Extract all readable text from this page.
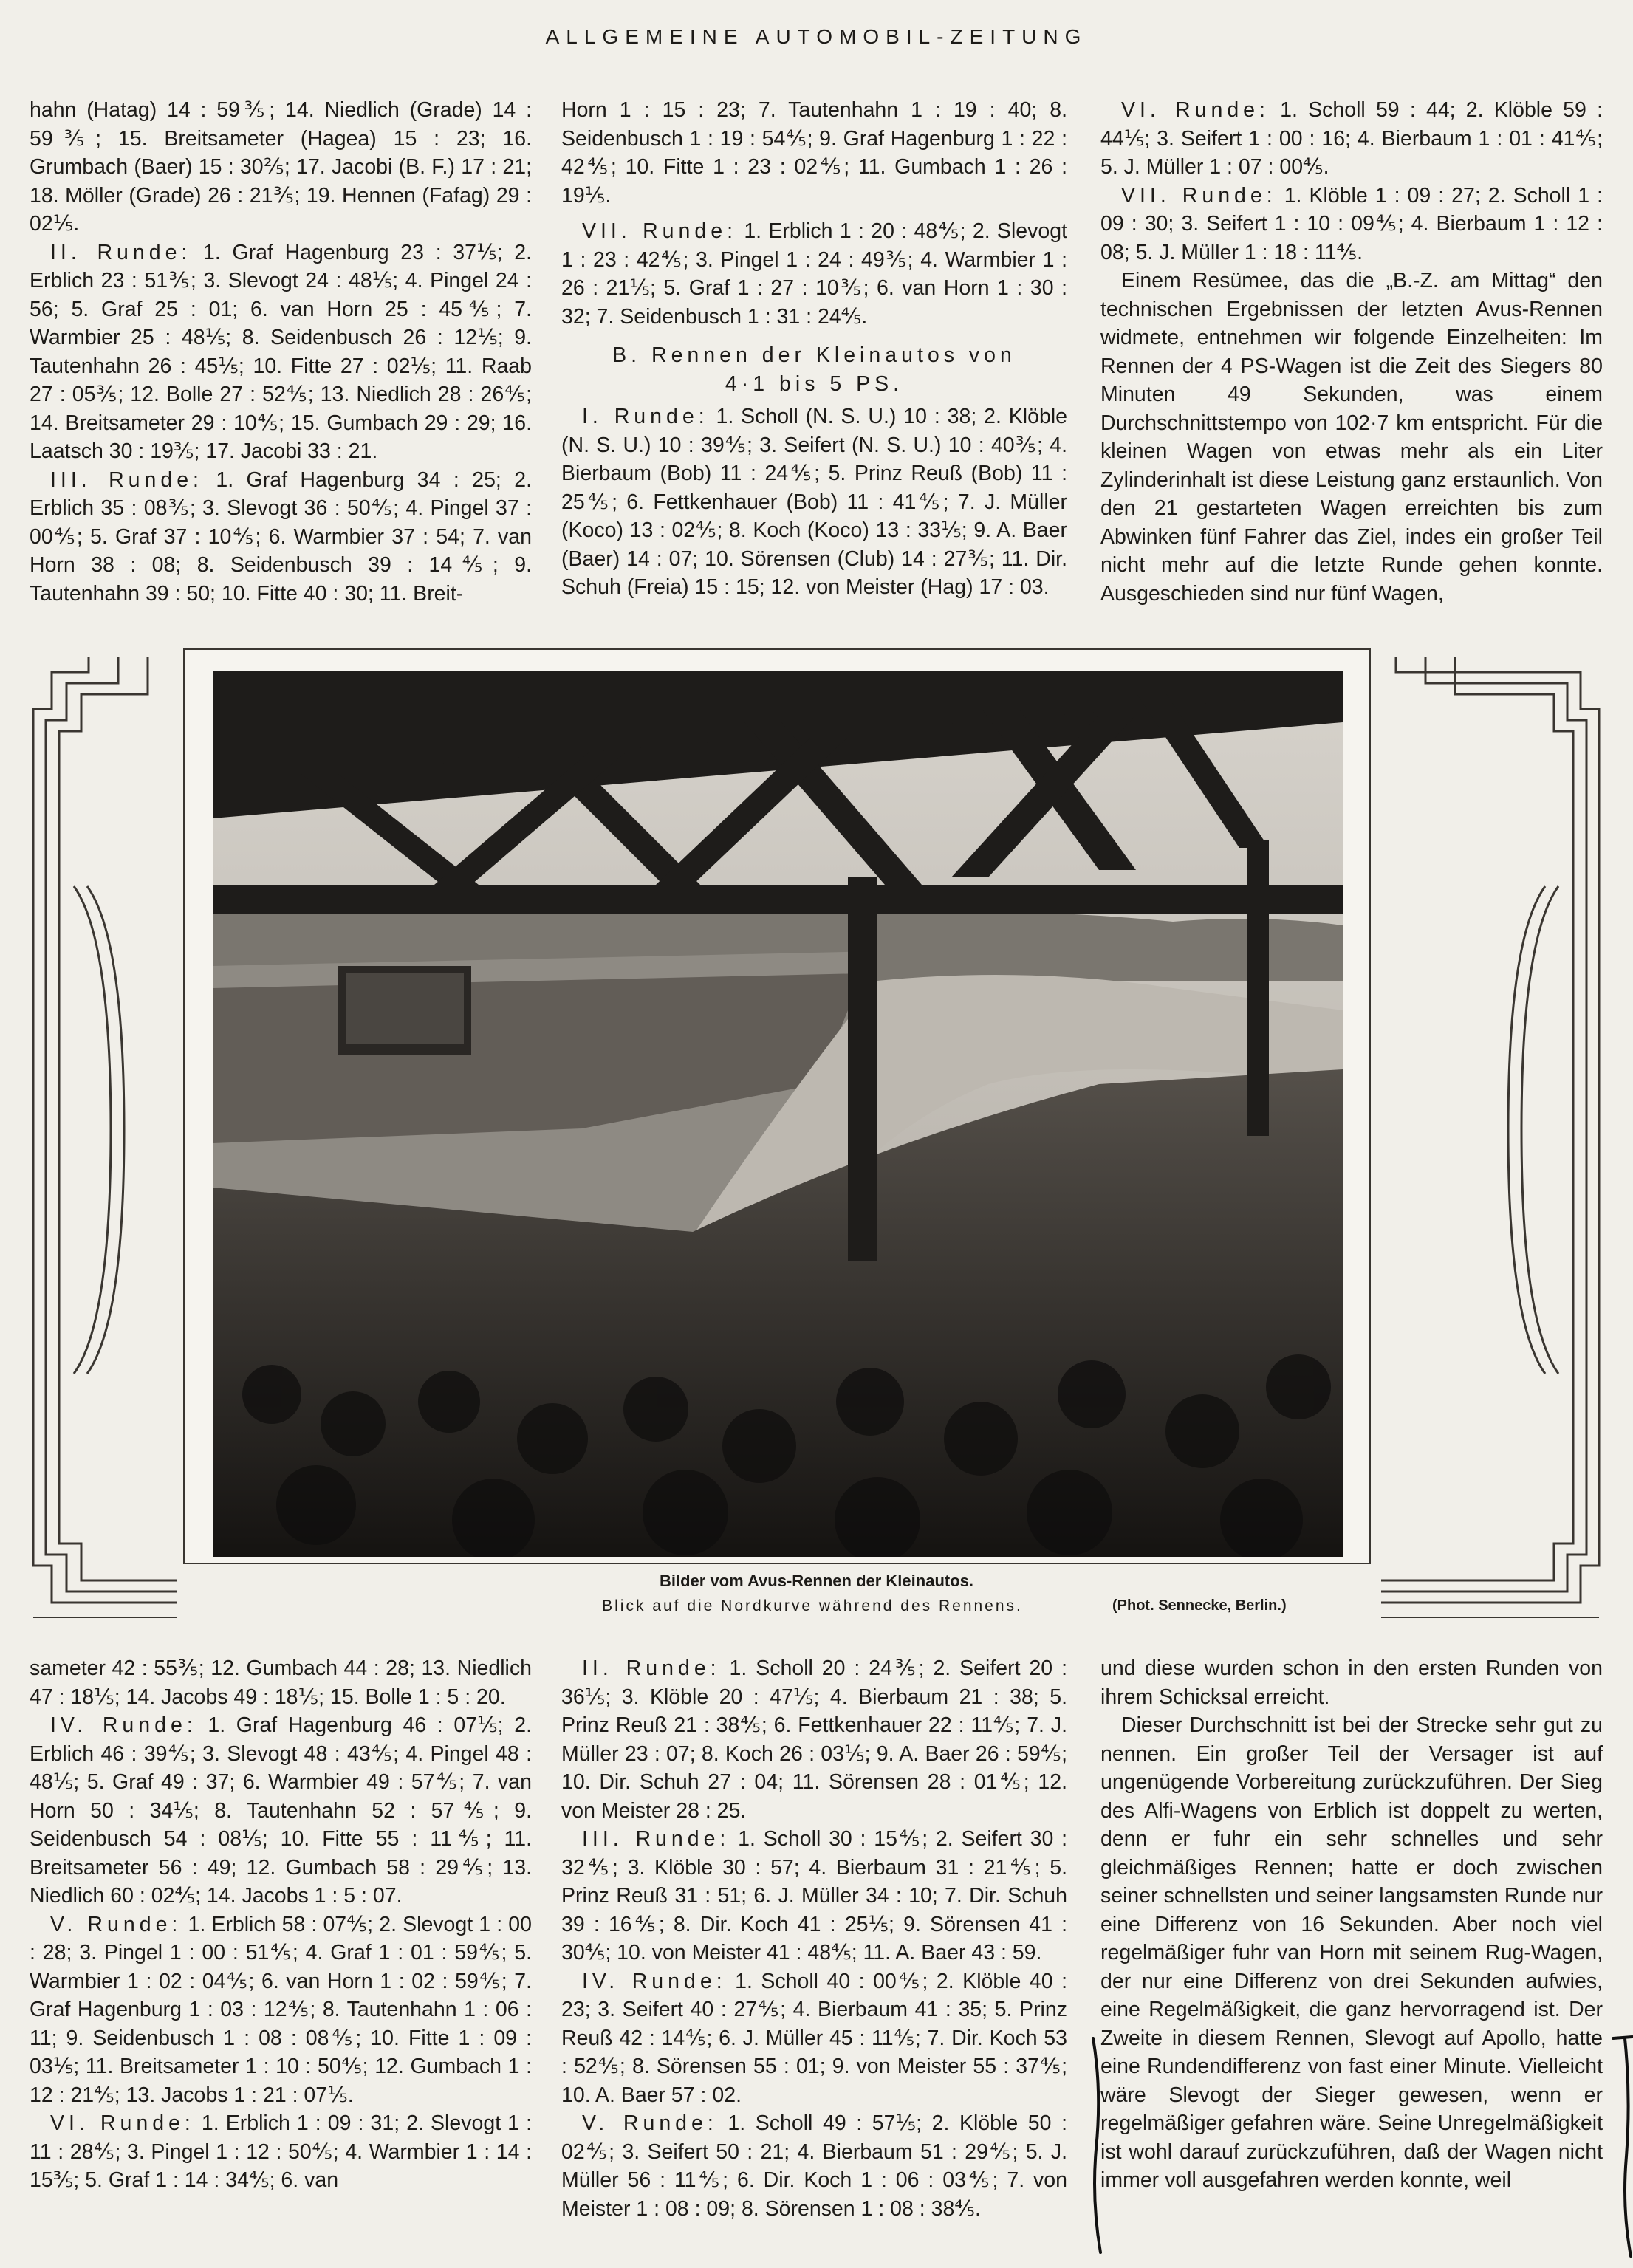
ALLGEMEINE AUTOMOBIL-ZEITUNG

hahn (Hatag) 14 : 59⅗; 14. Niedlich (Grade) 14 : 59⅗; 15. Breitsameter (Hagea) 15 : 23; 16. Grumbach (Baer) 15 : 30⅖; 17. Jacobi (B. F.) 17 : 21; 18. Möller (Grade) 26 : 21⅗; 19. Hennen (Fafag) 29 : 02⅕.

II. Runde: 1. Graf Hagenburg 23 : 37⅕; 2. Erblich 23 : 51⅗; 3. Slevogt 24 : 48⅕; 4. Pingel 24 : 56; 5. Graf 25 : 01; 6. van Horn 25 : 45⅘; 7. Warmbier 25 : 48⅕; 8. Seidenbusch 26 : 12⅕; 9. Tautenhahn 26 : 45⅕; 10. Fitte 27 : 02⅕; 11. Raab 27 : 05⅗; 12. Bolle 27 : 52⅘; 13. Niedlich 28 : 26⅘; 14. Breitsameter 29 : 10⅘; 15. Gumbach 29 : 29; 16. Laatsch 30 : 19⅗; 17. Jacobi 33 : 21.

III. Runde: 1. Graf Hagenburg 34 : 25; 2. Erblich 35 : 08⅗; 3. Slevogt 36 : 50⅘; 4. Pingel 37 : 00⅘; 5. Graf 37 : 10⅘; 6. Warmbier 37 : 54; 7. van Horn 38 : 08; 8. Seidenbusch 39 : 14⅘; 9. Tautenhahn 39 : 50; 10. Fitte 40 : 30; 11. Breit-

Horn 1 : 15 : 23; 7. Tautenhahn 1 : 19 : 40; 8. Seidenbusch 1 : 19 : 54⅘; 9. Graf Hagenburg 1 : 22 : 42⅘; 10. Fitte 1 : 23 : 02⅘; 11. Gumbach 1 : 26 : 19⅕.

VII. Runde: 1. Erblich 1 : 20 : 48⅘; 2. Slevogt 1 : 23 : 42⅘; 3. Pingel 1 : 24 : 49⅗; 4. Warmbier 1 : 26 : 21⅕; 5. Graf 1 : 27 : 10⅗; 6. van Horn 1 : 30 : 32; 7. Seidenbusch 1 : 31 : 24⅘.

B. Rennen der Kleinautos von 4·1 bis 5 PS.

I. Runde: 1. Scholl (N. S. U.) 10 : 38; 2. Klöble (N. S. U.) 10 : 39⅘; 3. Seifert (N. S. U.) 10 : 40⅗; 4. Bierbaum (Bob) 11 : 24⅘; 5. Prinz Reuß (Bob) 11 : 25⅘; 6. Fettkenhauer (Bob) 11 : 41⅘; 7. J. Müller (Koco) 13 : 02⅘; 8. Koch (Koco) 13 : 33⅕; 9. A. Baer (Baer) 14 : 07; 10. Sörensen (Club) 14 : 27⅗; 11. Dir. Schuh (Freia) 15 : 15; 12. von Meister (Hag) 17 : 03.

VI. Runde: 1. Scholl 59 : 44; 2. Klöble 59 : 44⅕; 3. Seifert 1 : 00 : 16; 4. Bierbaum 1 : 01 : 41⅘; 5. J. Müller 1 : 07 : 00⅘.

VII. Runde: 1. Klöble 1 : 09 : 27; 2. Scholl 1 : 09 : 30; 3. Seifert 1 : 10 : 09⅘; 4. Bierbaum 1 : 12 : 08; 5. J. Müller 1 : 18 : 11⅘.

Einem Resümee, das die „B.-Z. am Mittag“ den technischen Ergebnissen der letzten Avus-Rennen widmete, entnehmen wir folgende Einzelheiten: Im Rennen der 4 PS-Wagen ist die Zeit des Siegers 80 Minuten 49 Sekunden, was einem Durchschnittstempo von 102·7 km entspricht. Für die kleinen Wagen von etwas mehr als ein Liter Zylinderinhalt ist diese Leistung ganz erstaunlich. Von den 21 gestarteten Wagen erreichten bis zum Abwinken fünf Fahrer das Ziel, indes ein großer Teil nicht mehr auf die letzte Runde gehen konnte. Ausgeschieden sind nur fünf Wagen,

Bilder vom Avus-Rennen der Kleinautos.
Blick auf die Nordkurve während des Rennens.	(Phot. Sennecke, Berlin.)

sameter 42 : 55⅗; 12. Gumbach 44 : 28; 13. Niedlich 47 : 18⅕; 14. Jacobs 49 : 18⅕; 15. Bolle 1 : 5 : 20.

IV. Runde: 1. Graf Hagenburg 46 : 07⅕; 2. Erblich 46 : 39⅘; 3. Slevogt 48 : 43⅘; 4. Pingel 48 : 48⅕; 5. Graf 49 : 37; 6. Warmbier 49 : 57⅘; 7. van Horn 50 : 34⅕; 8. Tautenhahn 52 : 57⅘; 9. Seidenbusch 54 : 08⅕; 10. Fitte 55 : 11⅘; 11. Breitsameter 56 : 49; 12. Gumbach 58 : 29⅘; 13. Niedlich 60 : 02⅘; 14. Jacobs 1 : 5 : 07.

V. Runde: 1. Erblich 58 : 07⅘; 2. Slevogt 1 : 00 : 28; 3. Pingel 1 : 00 : 51⅘; 4. Graf 1 : 01 : 59⅘; 5. Warmbier 1 : 02 : 04⅘; 6. van Horn 1 : 02 : 59⅘; 7. Graf Hagenburg 1 : 03 : 12⅘; 8. Tautenhahn 1 : 06 : 11; 9. Seidenbusch 1 : 08 : 08⅘; 10. Fitte 1 : 09 : 03⅕; 11. Breitsameter 1 : 10 : 50⅘; 12. Gumbach 1 : 12 : 21⅘; 13. Jacobs 1 : 21 : 07⅕.

VI. Runde: 1. Erblich 1 : 09 : 31; 2. Slevogt 1 : 11 : 28⅘; 3. Pingel 1 : 12 : 50⅘; 4. Warmbier 1 : 14 : 15⅗; 5. Graf 1 : 14 : 34⅘; 6. van

II. Runde: 1. Scholl 20 : 24⅗; 2. Seifert 20 : 36⅕; 3. Klöble 20 : 47⅕; 4. Bierbaum 21 : 38; 5. Prinz Reuß 21 : 38⅘; 6. Fettkenhauer 22 : 11⅘; 7. J. Müller 23 : 07; 8. Koch 26 : 03⅕; 9. A. Baer 26 : 59⅘; 10. Dir. Schuh 27 : 04; 11. Sörensen 28 : 01⅘; 12. von Meister 28 : 25.

III. Runde: 1. Scholl 30 : 15⅘; 2. Seifert 30 : 32⅘; 3. Klöble 30 : 57; 4. Bierbaum 31 : 21⅘; 5. Prinz Reuß 31 : 51; 6. J. Müller 34 : 10; 7. Dir. Schuh 39 : 16⅘; 8. Dir. Koch 41 : 25⅕; 9. Sörensen 41 : 30⅘; 10. von Meister 41 : 48⅘; 11. A. Baer 43 : 59.

IV. Runde: 1. Scholl 40 : 00⅘; 2. Klöble 40 : 23; 3. Seifert 40 : 27⅘; 4. Bierbaum 41 : 35; 5. Prinz Reuß 42 : 14⅘; 6. J. Müller 45 : 11⅘; 7. Dir. Koch 53 : 52⅘; 8. Sörensen 55 : 01; 9. von Meister 55 : 37⅘; 10. A. Baer 57 : 02.

V. Runde: 1. Scholl 49 : 57⅕; 2. Klöble 50 : 02⅘; 3. Seifert 50 : 21; 4. Bierbaum 51 : 29⅘; 5. J. Müller 56 : 11⅘; 6. Dir. Koch 1 : 06 : 03⅘; 7. von Meister 1 : 08 : 09; 8. Sörensen 1 : 08 : 38⅘.

und diese wurden schon in den ersten Runden von ihrem Schicksal erreicht.

Dieser Durchschnitt ist bei der Strecke sehr gut zu nennen. Ein großer Teil der Versager ist auf ungenügende Vorbereitung zurückzuführen. Der Sieg des Alfi-Wagens von Erblich ist doppelt zu werten, denn er fuhr ein sehr schnelles und sehr gleichmäßiges Rennen; hatte er doch zwischen seiner schnellsten und seiner langsamsten Runde nur eine Differenz von 16 Sekunden. Aber noch viel regelmäßiger fuhr van Horn mit seinem Rug-Wagen, der nur eine Differenz von drei Sekunden aufwies, eine Regelmäßigkeit, die ganz hervorragend ist. Der Zweite in diesem Rennen, Slevogt auf Apollo, hatte eine Rundendifferenz von fast einer Minute. Vielleicht wäre Slevogt der Sieger gewesen, wenn er regelmäßiger gefahren wäre. Seine Unregelmäßigkeit ist wohl darauf zurückzuführen, daß der Wagen nicht immer voll ausgefahren werden konnte, weil
